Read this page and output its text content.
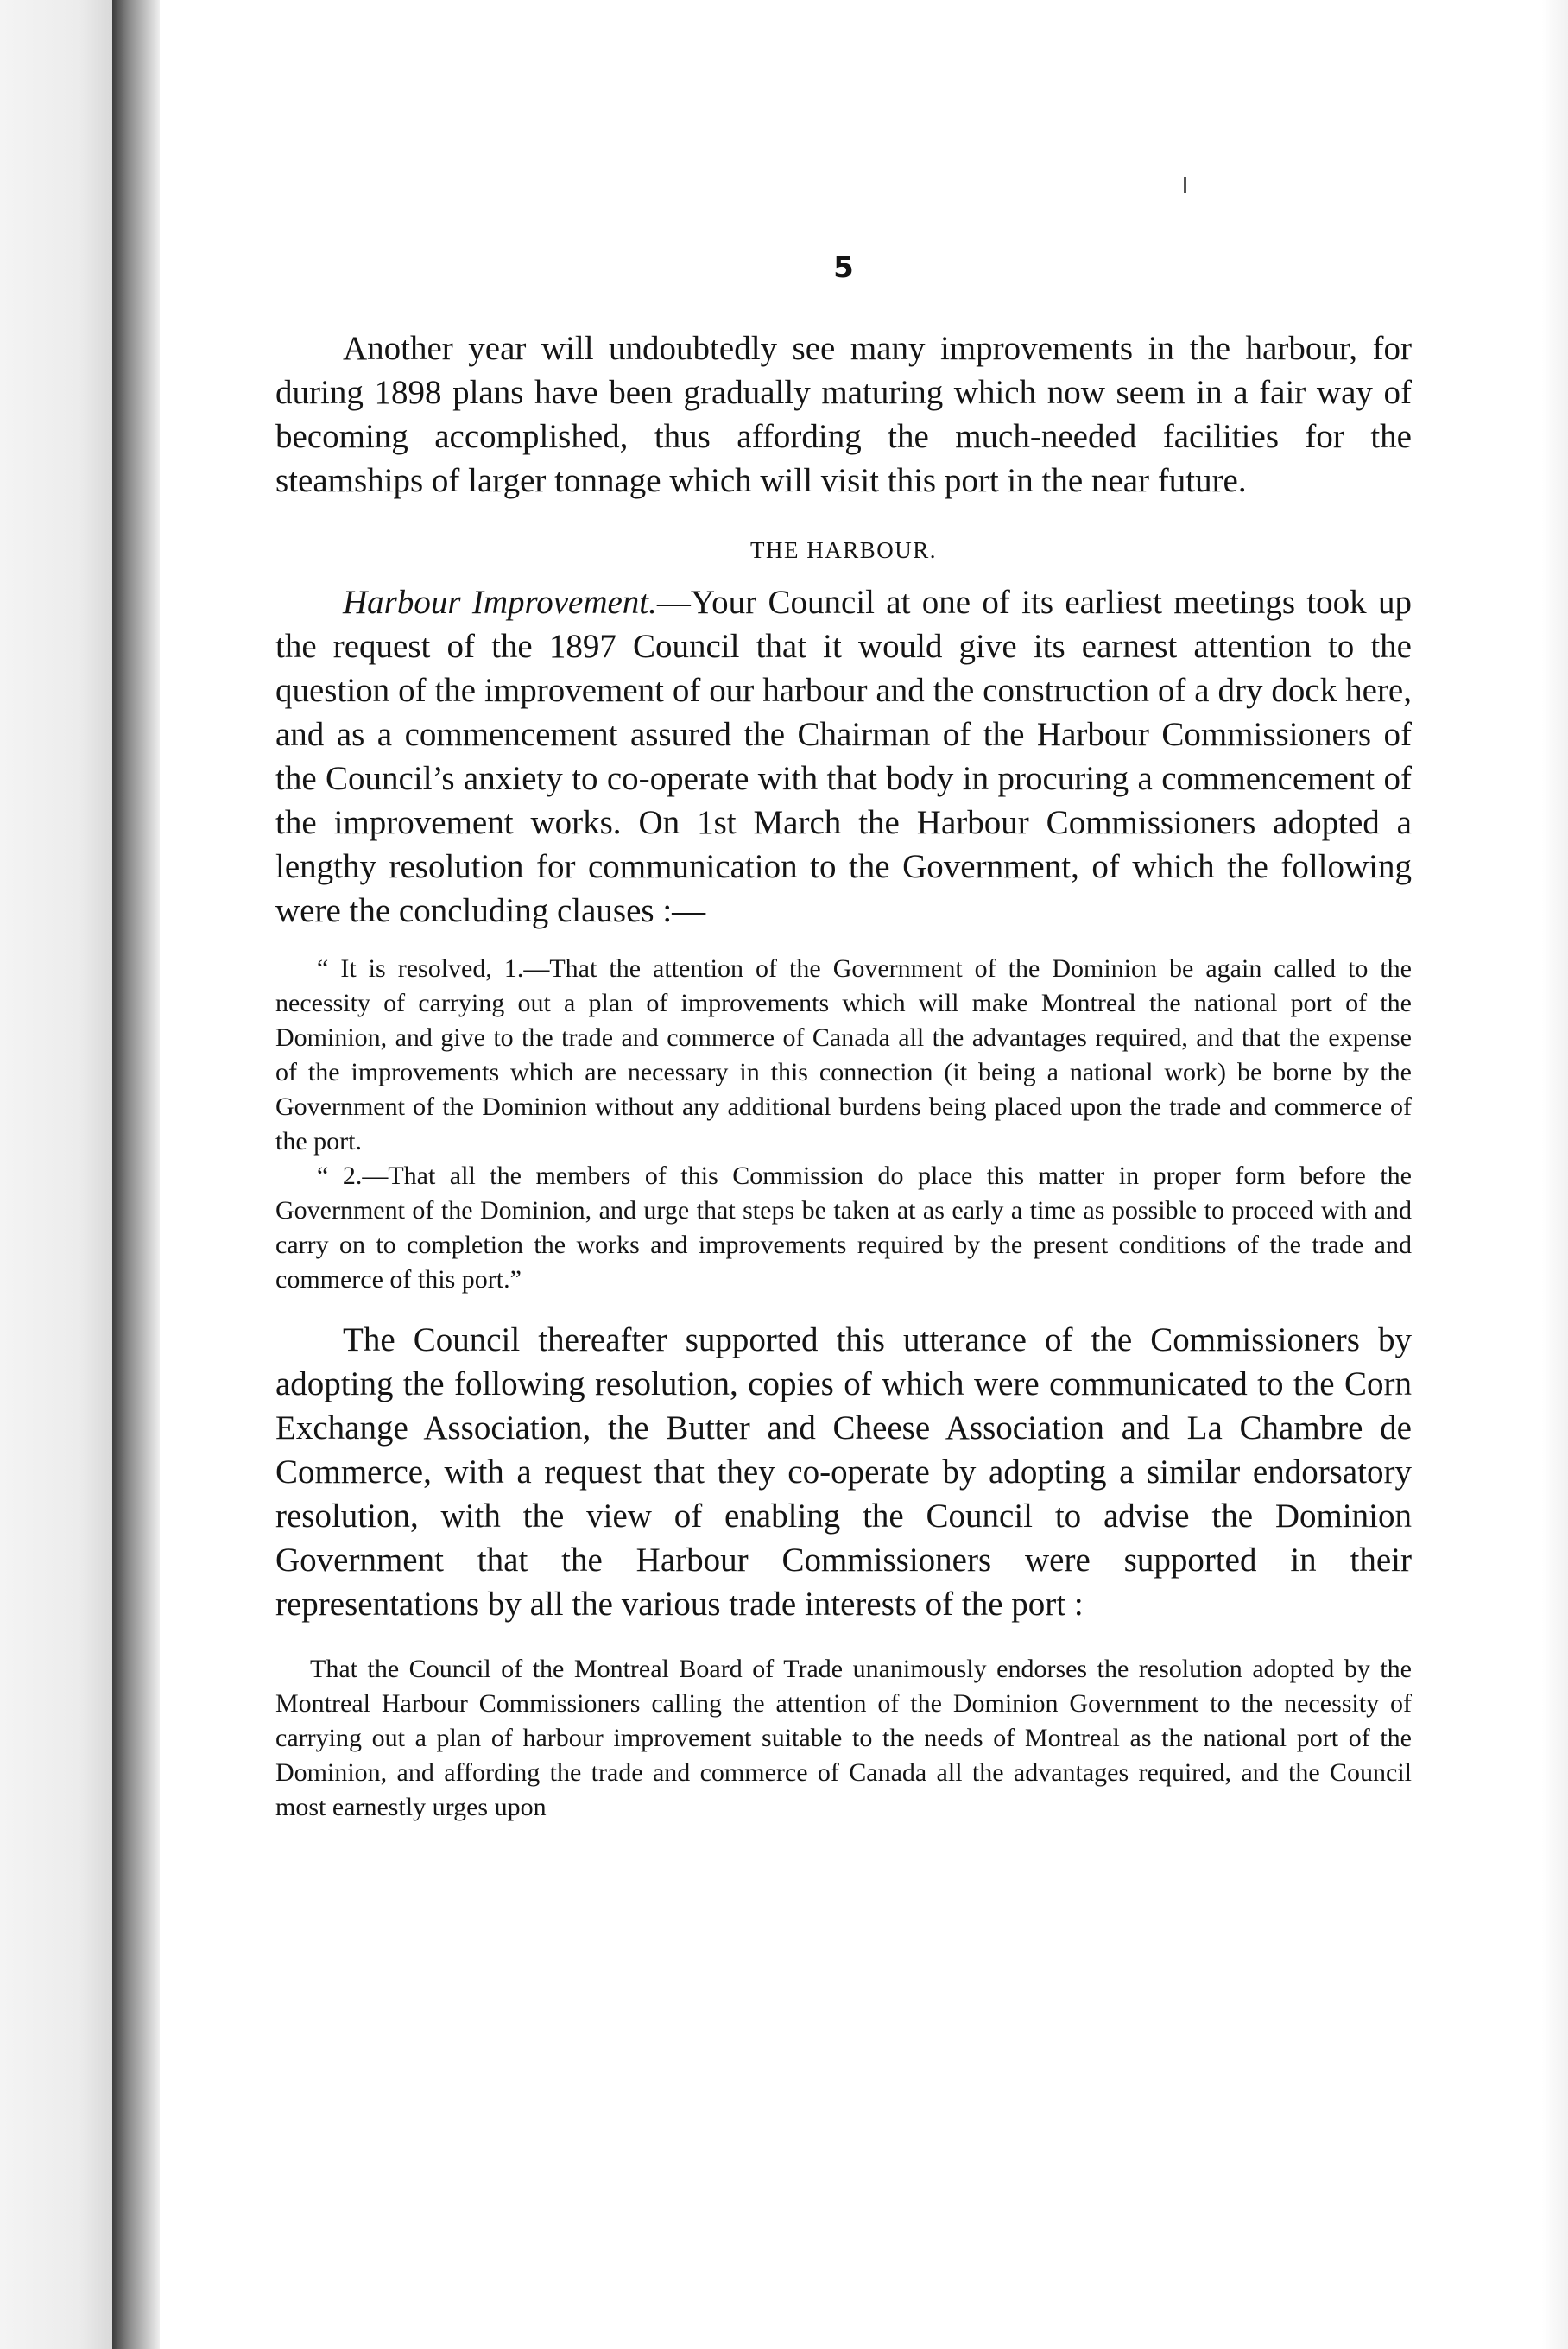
5

Another year will undoubtedly see many improvements in the harbour, for during 1898 plans have been gradually maturing which now seem in a fair way of becoming accomplished, thus affording the much-needed facilities for the steamships of larger tonnage which will visit this port in the near future.

THE HARBOUR.

Harbour Improvement.—Your Council at one of its earliest meetings took up the request of the 1897 Council that it would give its earnest attention to the question of the improvement of our harbour and the construction of a dry dock here, and as a commencement assured the Chairman of the Harbour Commissioners of the Council’s anxiety to co-operate with that body in procuring a commencement of the improvement works. On 1st March the Harbour Commissioners adopted a lengthy resolution for communication to the Government, of which the following were the concluding clauses :—

“ It is resolved, 1.—That the attention of the Government of the Dominion be again called to the necessity of carrying out a plan of improvements which will make Montreal the national port of the Dominion, and give to the trade and commerce of Canada all the advantages required, and that the expense of the improvements which are necessary in this connection (it being a national work) be borne by the Government of the Dominion without any additional burdens being placed upon the trade and commerce of the port.

“ 2.—That all the members of this Commission do place this matter in proper form before the Government of the Dominion, and urge that steps be taken at as early a time as possible to proceed with and carry on to completion the works and improvements required by the present conditions of the trade and commerce of this port.”

The Council thereafter supported this utterance of the Commissioners by adopting the following resolution, copies of which were communicated to the Corn Exchange Association, the Butter and Cheese Association and La Chambre de Commerce, with a request that they co-operate by adopting a similar endorsatory resolution, with the view of enabling the Council to advise the Dominion Government that the Harbour Commissioners were supported in their representations by all the various trade interests of the port :

That the Council of the Montreal Board of Trade unanimously endorses the resolution adopted by the Montreal Harbour Commissioners calling the attention of the Dominion Government to the necessity of carrying out a plan of harbour improvement suitable to the needs of Montreal as the national port of the Dominion, and affording the trade and commerce of Canada all the advantages required, and the Council most earnestly urges upon
